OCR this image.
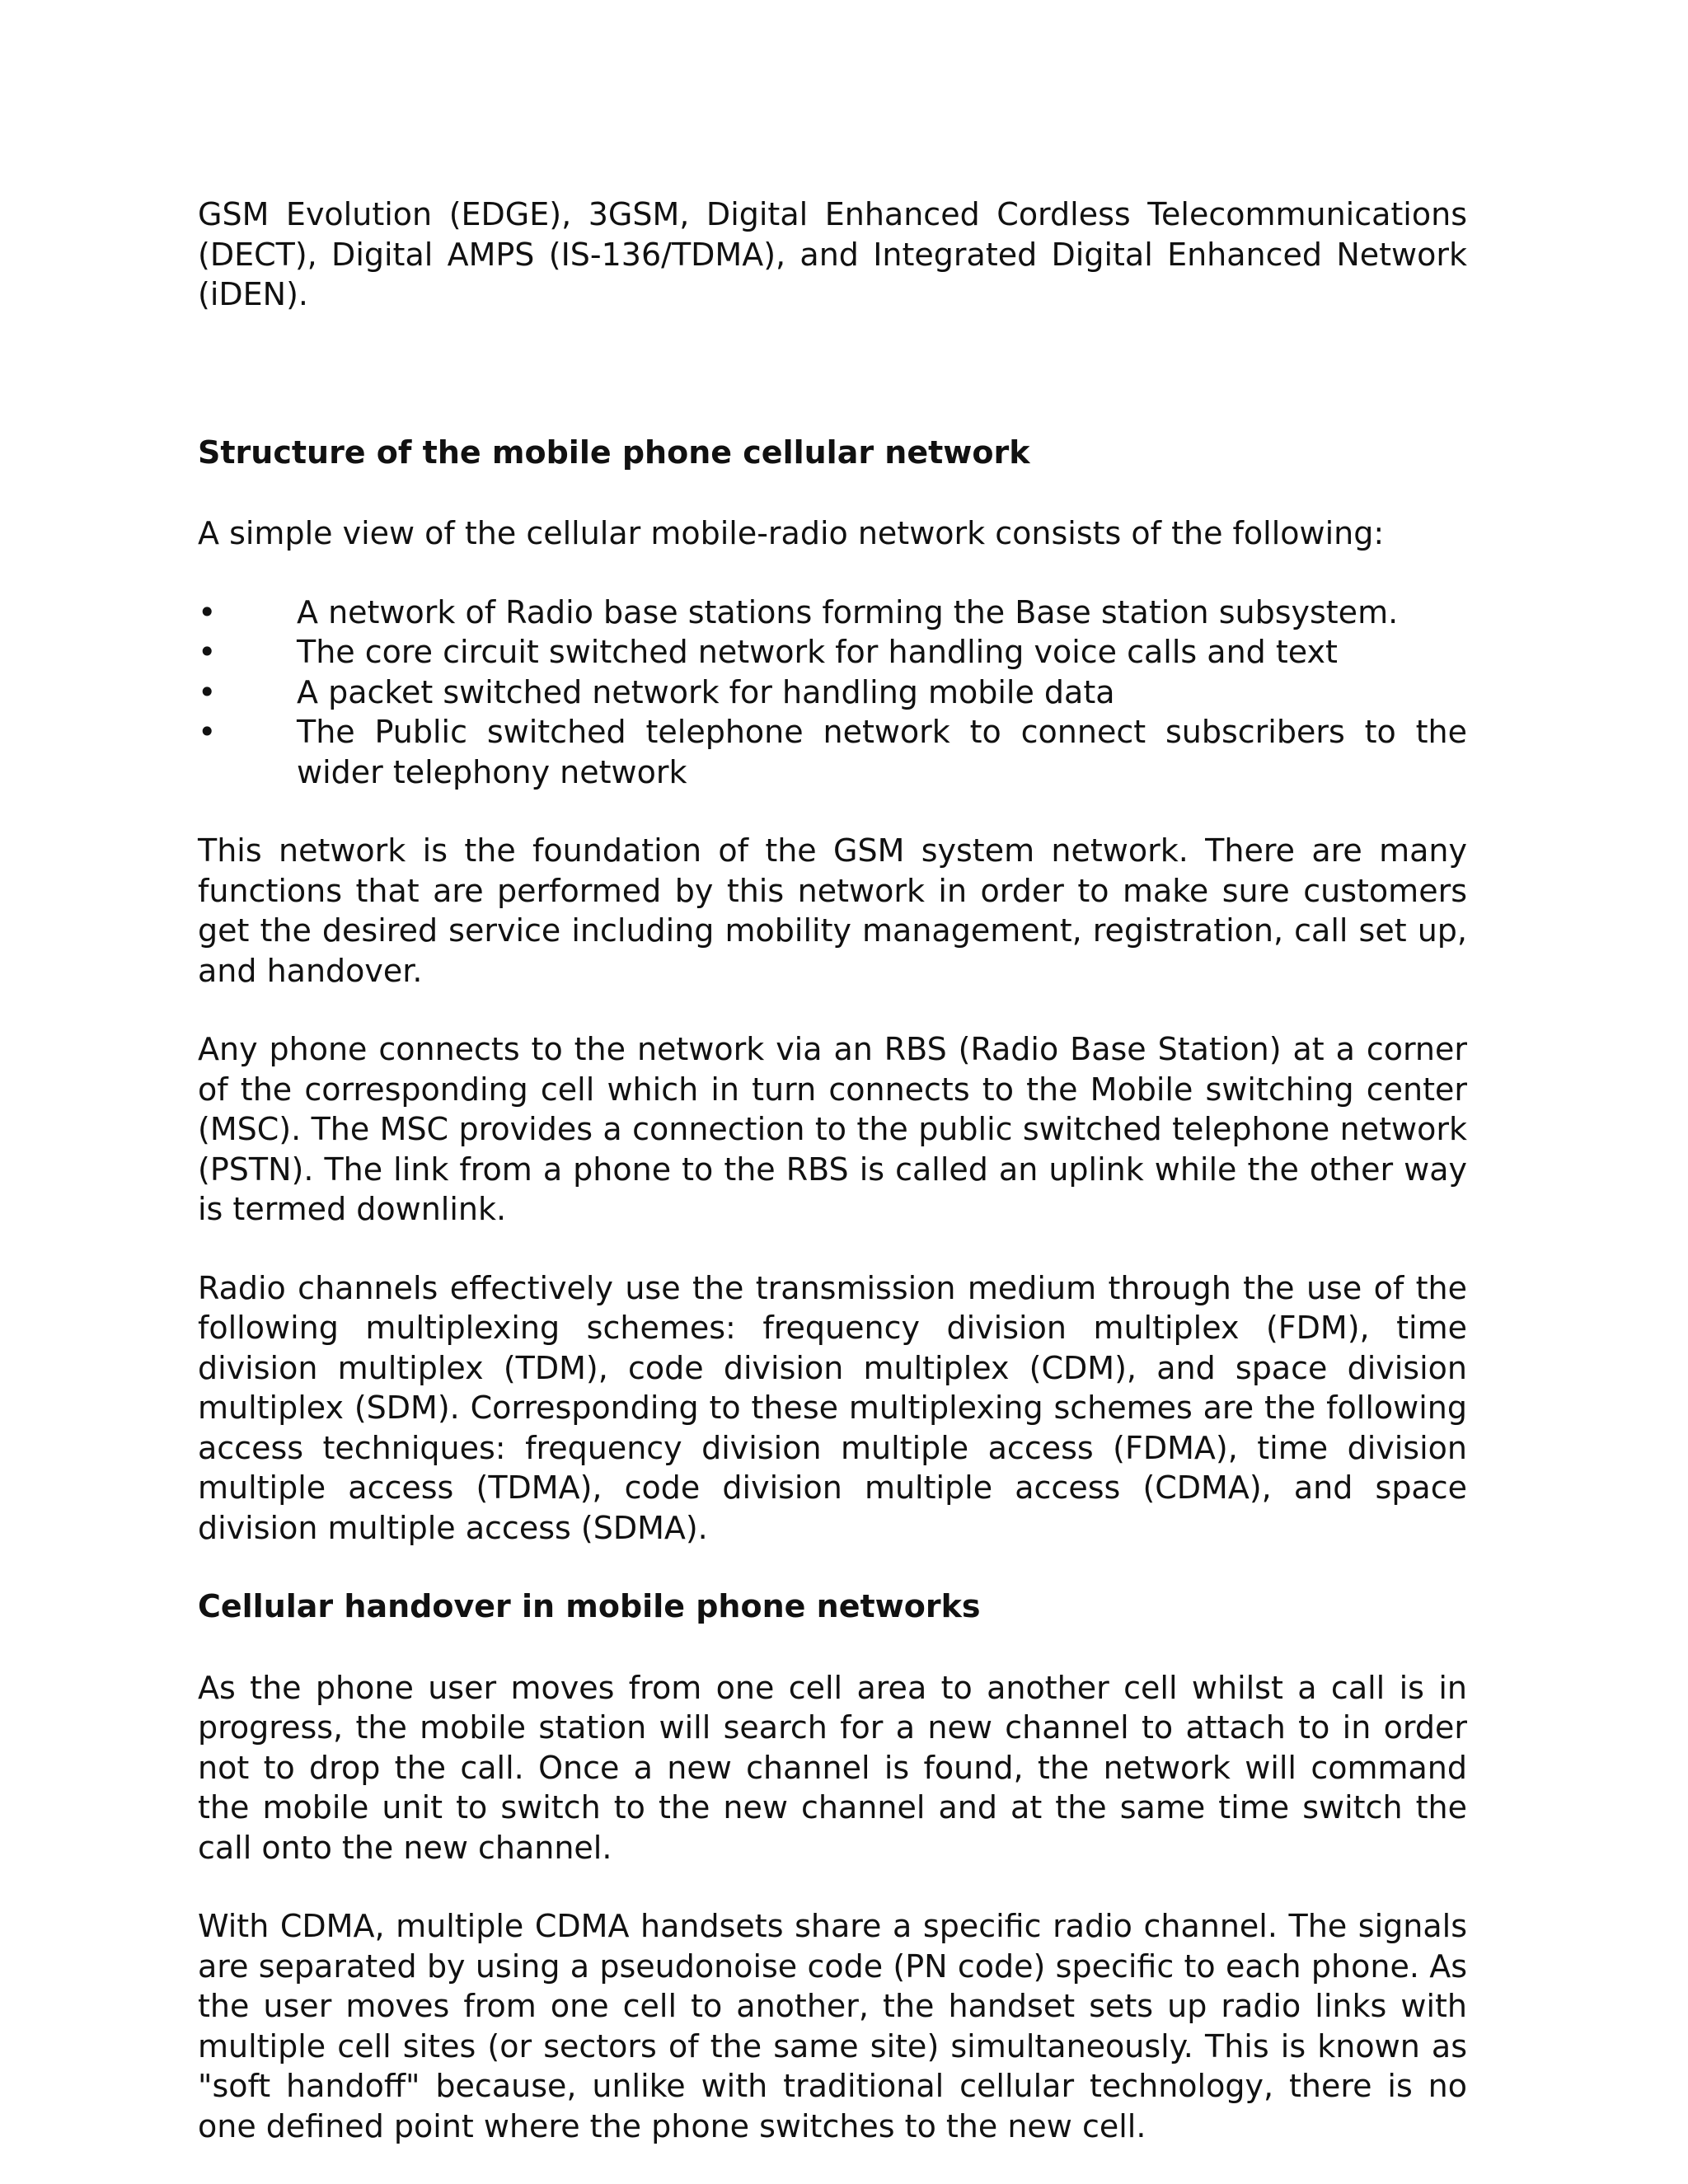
GSM Evolution (EDGE), 3GSM, Digital Enhanced Cordless Telecommunications (DECT), Digital AMPS (IS-136/TDMA), and Integrated Digital Enhanced Network (iDEN).

Structure of the mobile phone cellular network

A simple view of the cellular mobile-radio network consists of the following:

• A network of Radio base stations forming the Base station subsystem.
• The core circuit switched network for handling voice calls and text
• A packet switched network for handling mobile data
• The Public switched telephone network to connect subscribers to the wider telephony network

This network is the foundation of the GSM system network. There are many functions that are performed by this network in order to make sure customers get the desired service including mobility management, registration, call set up, and handover.

Any phone connects to the network via an RBS (Radio Base Station) at a corner of the corresponding cell which in turn connects to the Mobile switching center (MSC). The MSC provides a connection to the public switched telephone network (PSTN). The link from a phone to the RBS is called an uplink while the other way is termed downlink.

Radio channels effectively use the transmission medium through the use of the following multiplexing schemes: frequency division multiplex (FDM), time division multiplex (TDM), code division multiplex (CDM), and space division multiplex (SDM). Corresponding to these multiplexing schemes are the following access techniques: frequency division multiple access (FDMA), time division multiple access (TDMA), code division multiple access (CDMA), and space division multiple access (SDMA).

Cellular handover in mobile phone networks

As the phone user moves from one cell area to another cell whilst a call is in progress, the mobile station will search for a new channel to attach to in order not to drop the call. Once a new channel is found, the network will command the mobile unit to switch to the new channel and at the same time switch the call onto the new channel.

With CDMA, multiple CDMA handsets share a specific radio channel. The signals are separated by using a pseudonoise code (PN code) specific to each phone. As the user moves from one cell to another, the handset sets up radio links with multiple cell sites (or sectors of the same site) simultaneously. This is known as "soft handoff" because, unlike with traditional cellular technology, there is no one defined point where the phone switches to the new cell.
